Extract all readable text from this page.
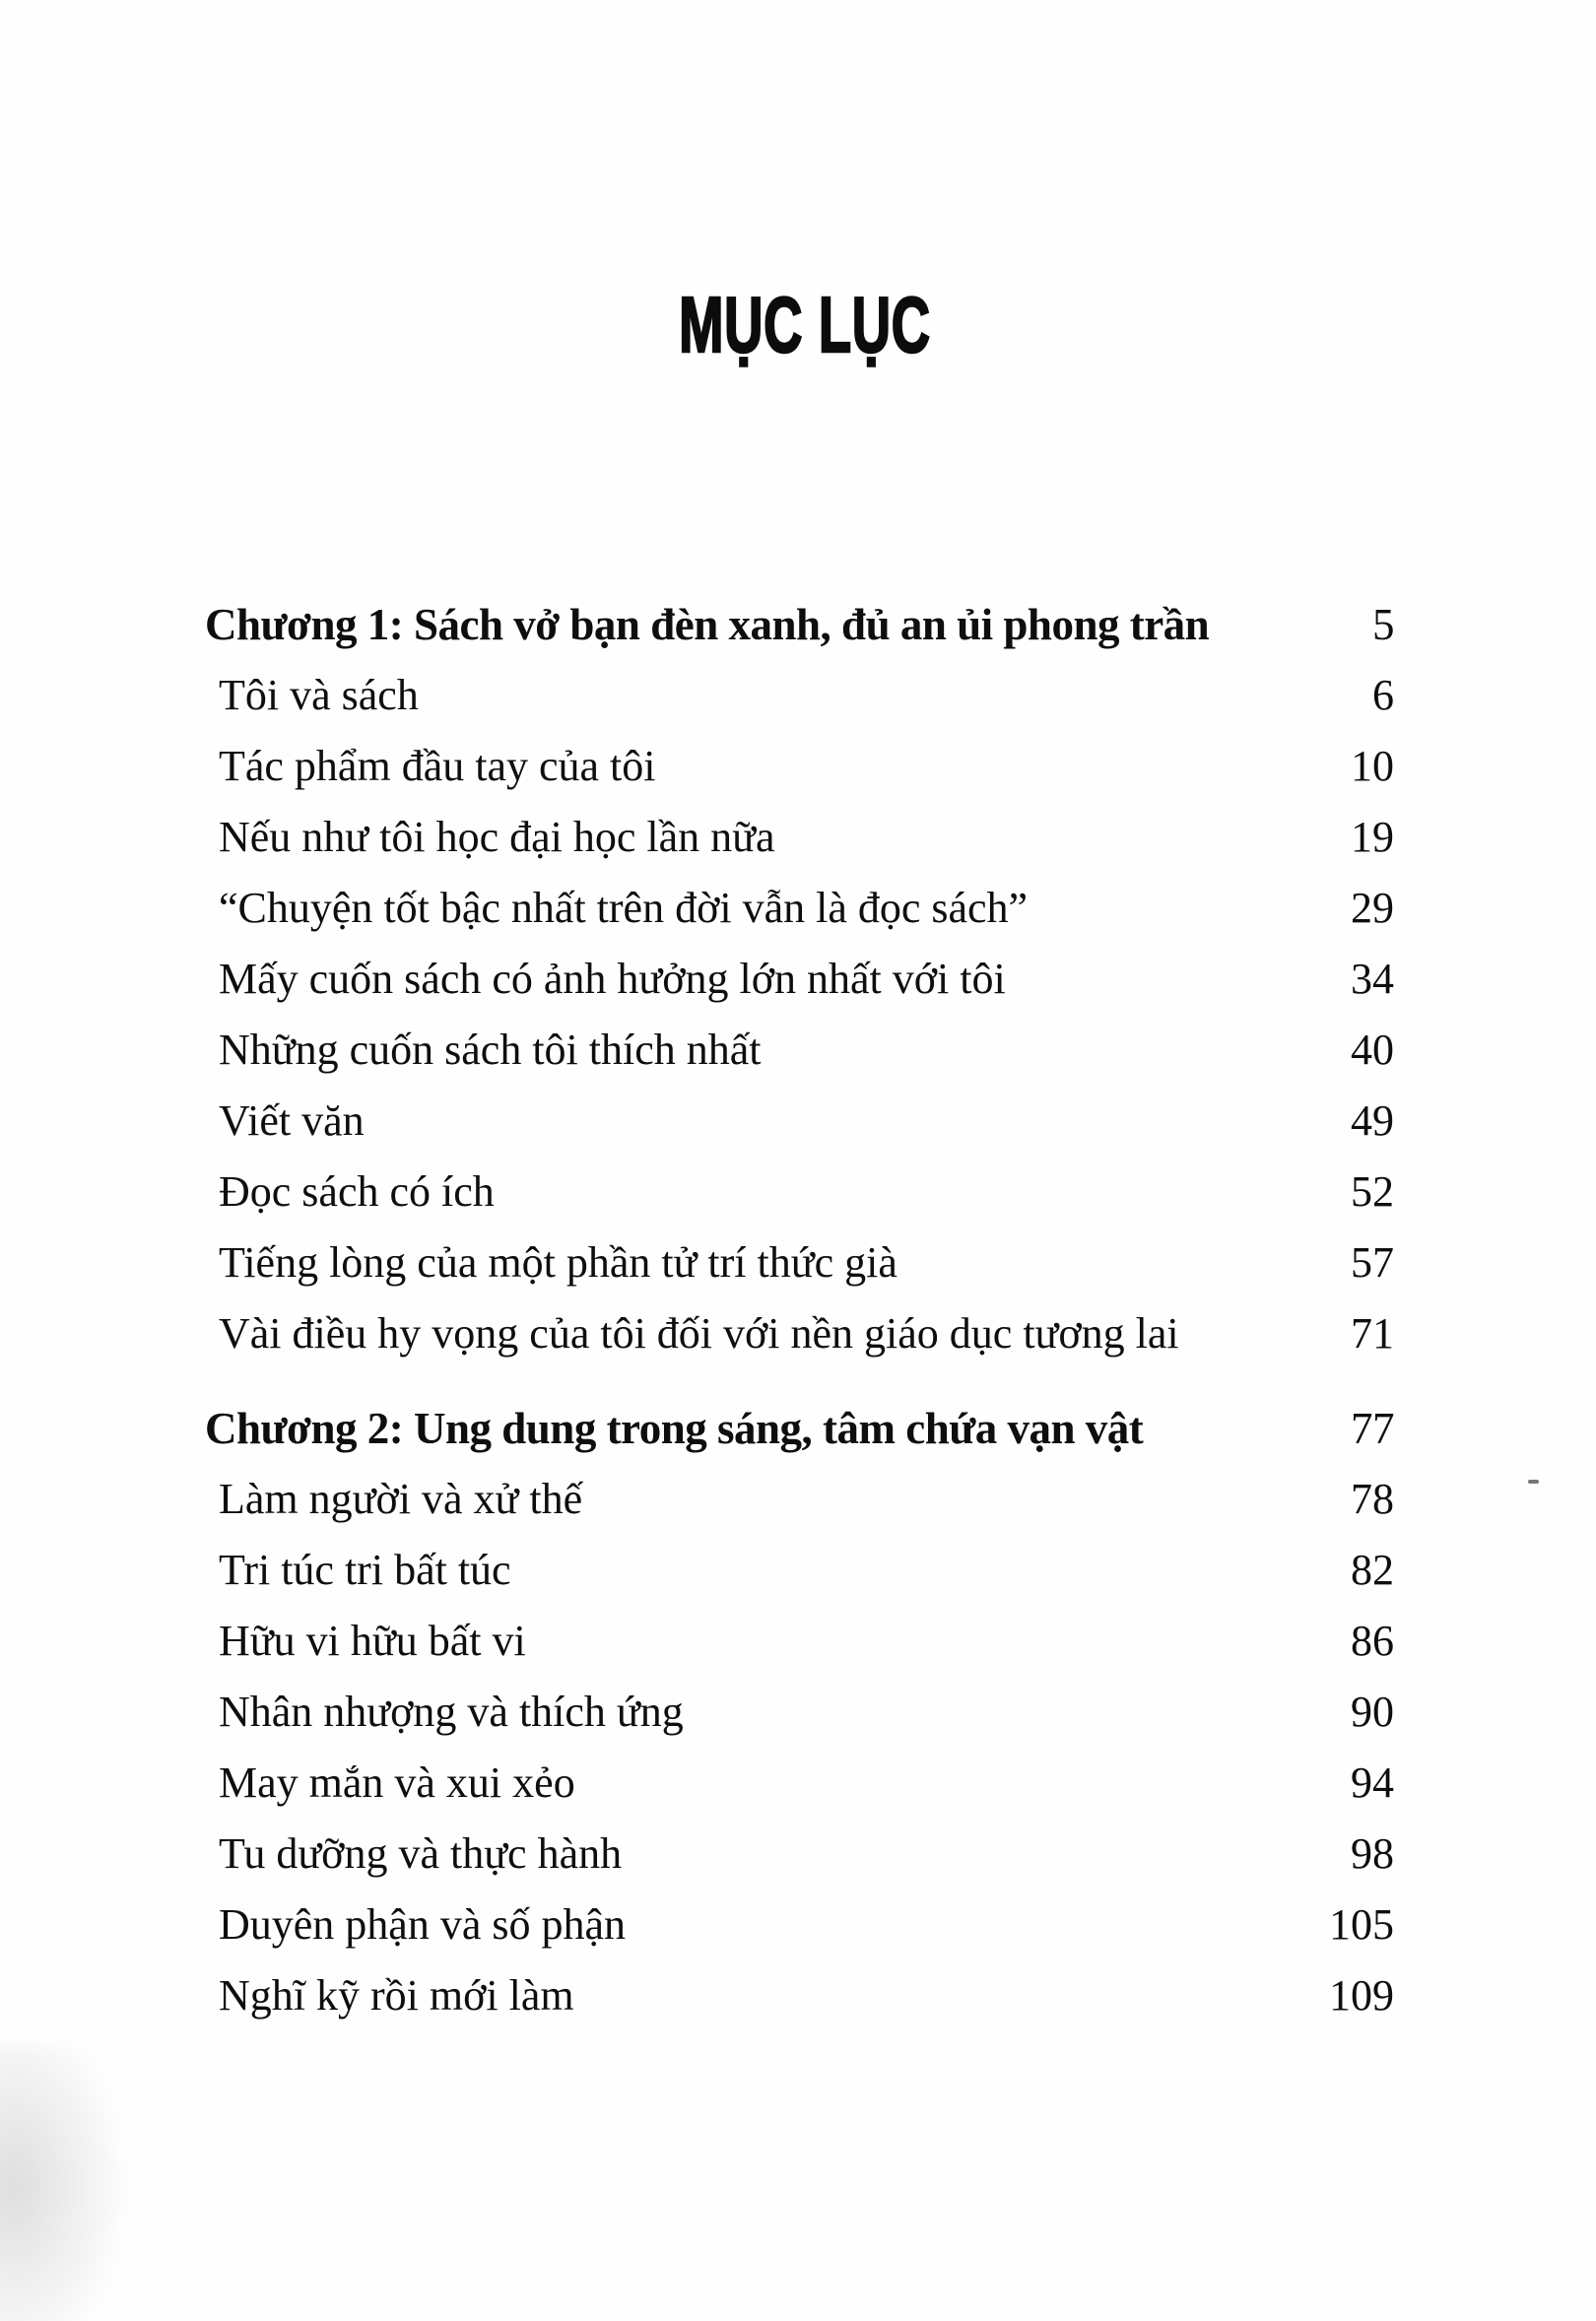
MỤC LỤC
Chương 1: Sách vở bạn đèn xanh, đủ an ủi phong trần	5
Tôi và sách	6
Tác phẩm đầu tay của tôi	10
Nếu như tôi học đại học lần nữa	19
“Chuyện tốt bậc nhất trên đời vẫn là đọc sách”	29
Mấy cuốn sách có ảnh hưởng lớn nhất với tôi	34
Những cuốn sách tôi thích nhất	40
Viết văn	49
Đọc sách có ích	52
Tiếng lòng của một phần tử trí thức già	57
Vài điều hy vọng của tôi đối với nền giáo dục tương lai	71
Chương 2: Ung dung trong sáng, tâm chứa vạn vật	77
Làm người và xử thế	78
Tri túc tri bất túc	82
Hữu vi hữu bất vi	86
Nhân nhượng và thích ứng	90
May mắn và xui xẻo	94
Tu dưỡng và thực hành	98
Duyên phận và số phận	105
Nghĩ kỹ rồi mới làm	109
